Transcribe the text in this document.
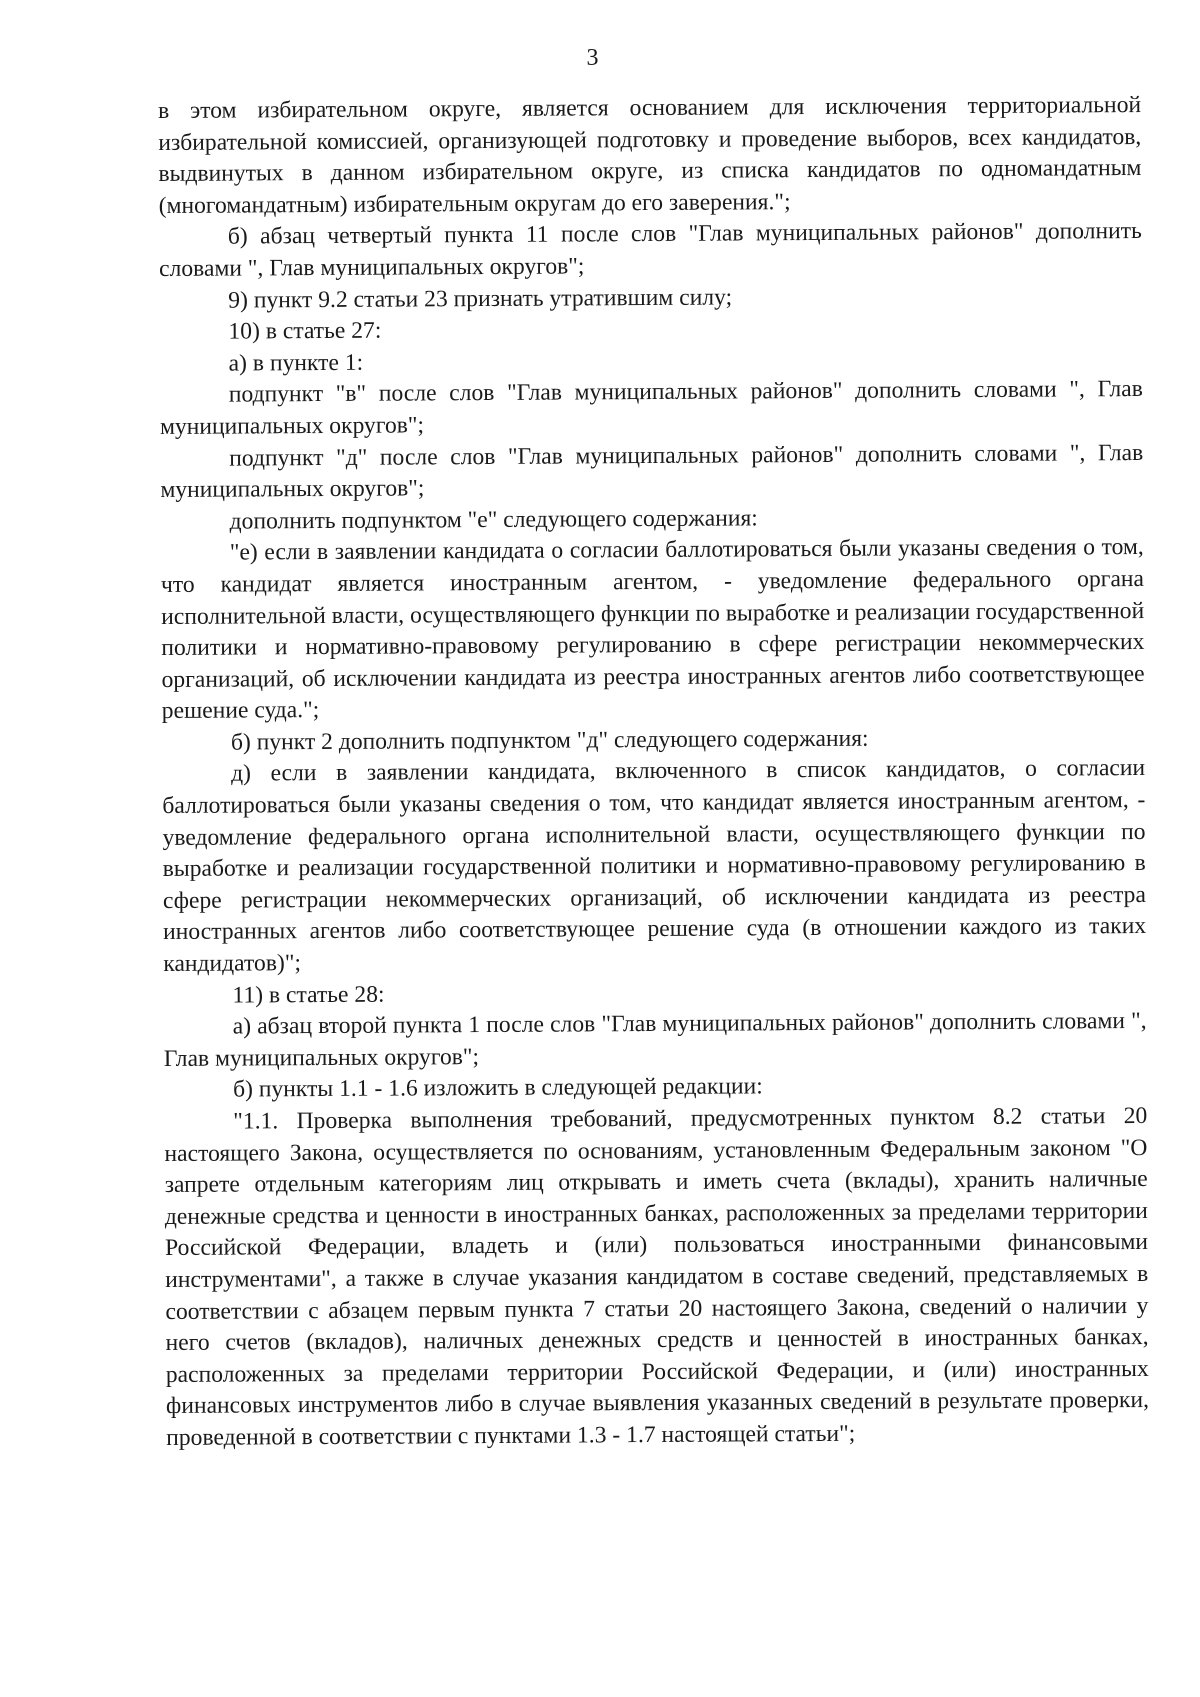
3

в этом избирательном округе, является основанием для исключения территориальной избирательной комиссией, организующей подготовку и проведение выборов, всех кандидатов, выдвинутых в данном избирательном округе, из списка кандидатов по одномандатным (многомандатным) избирательным округам до его заверения.";

б) абзац четвертый пункта 11 после слов "Глав муниципальных районов" дополнить словами ", Глав муниципальных округов";

9) пункт 9.2 статьи 23 признать утратившим силу;

10) в статье 27:

а) в пункте 1:

подпункт "в" после слов "Глав муниципальных районов" дополнить словами ", Глав муниципальных округов";

подпункт "д" после слов "Глав муниципальных районов" дополнить словами ", Глав муниципальных округов";

дополнить подпунктом "е" следующего содержания:

"е) если в заявлении кандидата о согласии баллотироваться были указаны сведения о том, что кандидат является иностранным агентом, - уведомление федерального органа исполнительной власти, осуществляющего функции по выработке и реализации государственной политики и нормативно-правовому регулированию в сфере регистрации некоммерческих организаций, об исключении кандидата из реестра иностранных агентов либо соответствующее решение суда.";

б) пункт 2 дополнить подпунктом "д" следующего содержания:

д) если в заявлении кандидата, включенного в список кандидатов, о согласии баллотироваться были указаны сведения о том, что кандидат является иностранным агентом, - уведомление федерального органа исполнительной власти, осуществляющего функции по выработке и реализации государственной политики и нормативно-правовому регулированию в сфере регистрации некоммерческих организаций, об исключении кандидата из реестра иностранных агентов либо соответствующее решение суда (в отношении каждого из таких кандидатов)";

11) в статье 28:

а) абзац второй пункта 1 после слов "Глав муниципальных районов" дополнить словами ", Глав муниципальных округов";

б) пункты 1.1 - 1.6 изложить в следующей редакции:

"1.1. Проверка выполнения требований, предусмотренных пунктом 8.2 статьи 20 настоящего Закона, осуществляется по основаниям, установленным Федеральным законом "О запрете отдельным категориям лиц открывать и иметь счета (вклады), хранить наличные денежные средства и ценности в иностранных банках, расположенных за пределами территории Российской Федерации, владеть и (или) пользоваться иностранными финансовыми инструментами", а также в случае указания кандидатом в составе сведений, представляемых в соответствии с абзацем первым пункта 7 статьи 20 настоящего Закона, сведений о наличии у него счетов (вкладов), наличных денежных средств и ценностей в иностранных банках, расположенных за пределами территории Российской Федерации, и (или) иностранных финансовых инструментов либо в случае выявления указанных сведений в результате проверки, проведенной в соответствии с пунктами 1.3 - 1.7 настоящей статьи";
